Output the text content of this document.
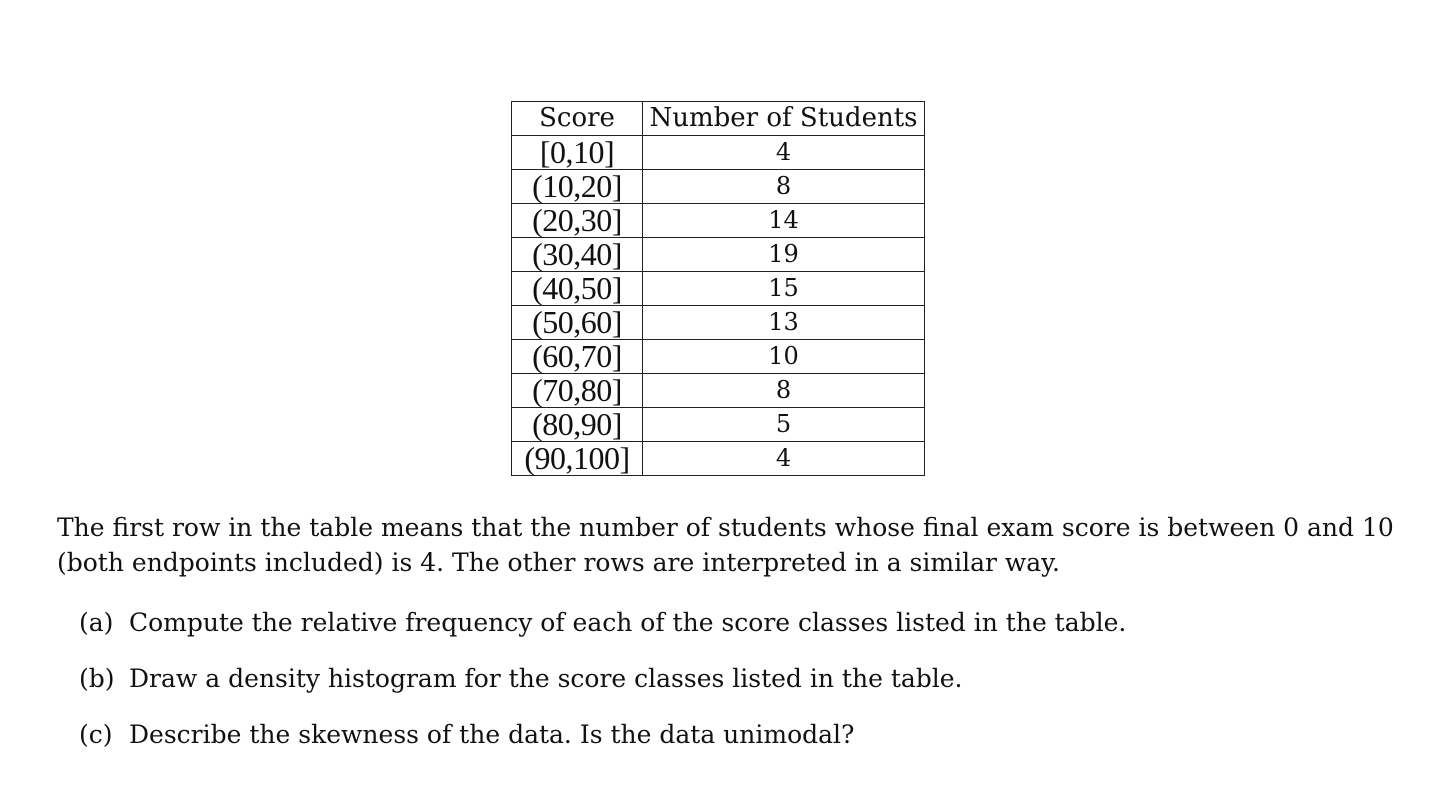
Score	Number of Students
[0,10]	4
(10,20]	8
(20,30]	14
(30,40]	19
(40,50]	15
(50,60]	13
(60,70]	10
(70,80]	8
(80,90]	5
(90,100]	4

The first row in the table means that the number of students whose final exam score is between 0 and 10 (both endpoints included) is 4. The other rows are interpreted in a similar way.

(a) Compute the relative frequency of each of the score classes listed in the table.
(b) Draw a density histogram for the score classes listed in the table.
(c) Describe the skewness of the data. Is the data unimodal?
